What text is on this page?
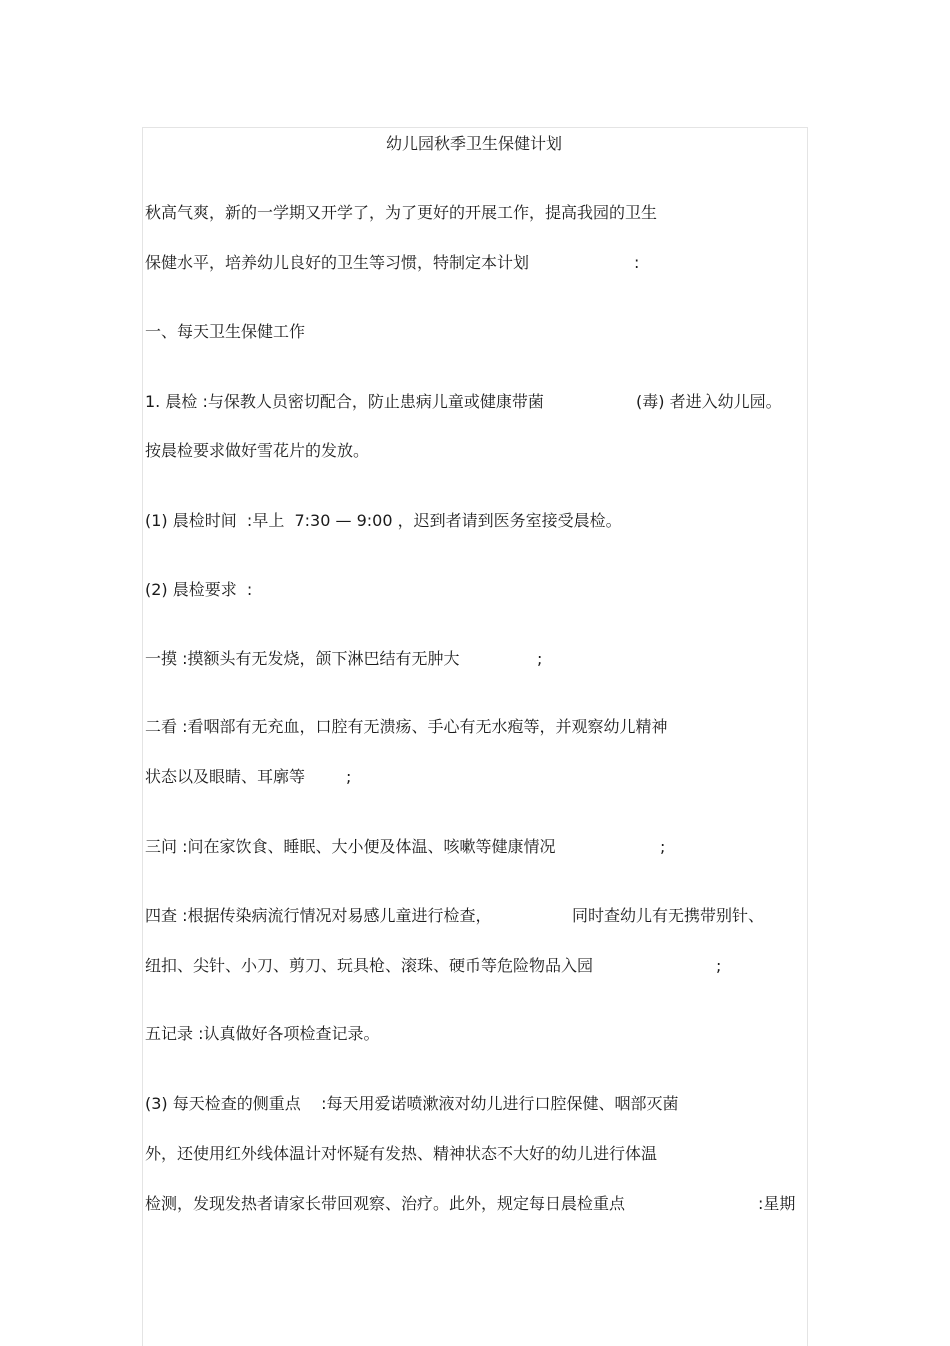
幼儿园秋季卫生保健计划
秋高气爽，新的一学期又开学了，为了更好的开展工作，提高我园的卫生
保健水平，培养幼儿良好的卫生等习惯，特制定本计划	:
一、每天卫生保健工作
1. 晨检 :与保教人员密切配合，防止患病儿童或健康带菌	(毒) 者进入幼儿园。
按晨检要求做好雪花片的发放。
(1) 晨检时间  :早上  7:30 — 9:00 ，迟到者请到医务室接受晨检。
(2) 晨检要求  :
一摸 :摸额头有无发烧，颌下淋巴结有无肿大	;
二看 :看咽部有无充血，口腔有无溃疡、手心有无水疱等，并观察幼儿精神
状态以及眼睛、耳廓等	;
三问 :问在家饮食、睡眠、大小便及体温、咳嗽等健康情况	;
四查 :根据传染病流行情况对易感儿童进行检查，	同时查幼儿有无携带别针、
纽扣、尖针、小刀、剪刀、玩具枪、滚珠、硬币等危险物品入园	;
五记录 :认真做好各项检查记录。
(3) 每天检查的侧重点    :每天用爱诺喷漱液对幼儿进行口腔保健、咽部灭菌
外，还使用红外线体温计对怀疑有发热、精神状态不大好的幼儿进行体温
检测，发现发热者请家长带回观察、治疗。此外，规定每日晨检重点	:星期
